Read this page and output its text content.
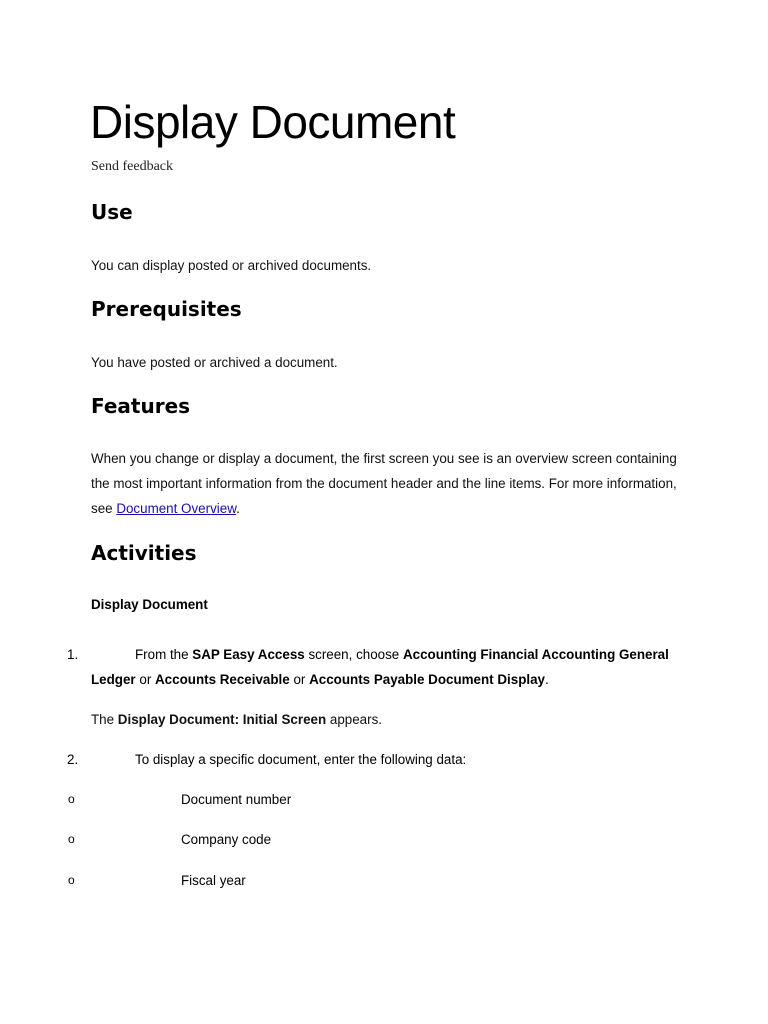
Display Document
Send feedback
Use

You can display posted or archived documents.

Prerequisites

You have posted or archived a document.

Features

When you change or display a document, the first screen you see is an overview screen containing the most important information from the document header and the line items. For more information, see Document Overview.

Activities
Display Document
1.	From the SAP Easy Access screen, choose Accounting Financial Accounting General Ledger or Accounts Receivable or Accounts Payable Document Display.
The Display Document: Initial Screen appears.
2.	To display a specific document, enter the following data:
o	Document number
o	Company code
o	Fiscal year
